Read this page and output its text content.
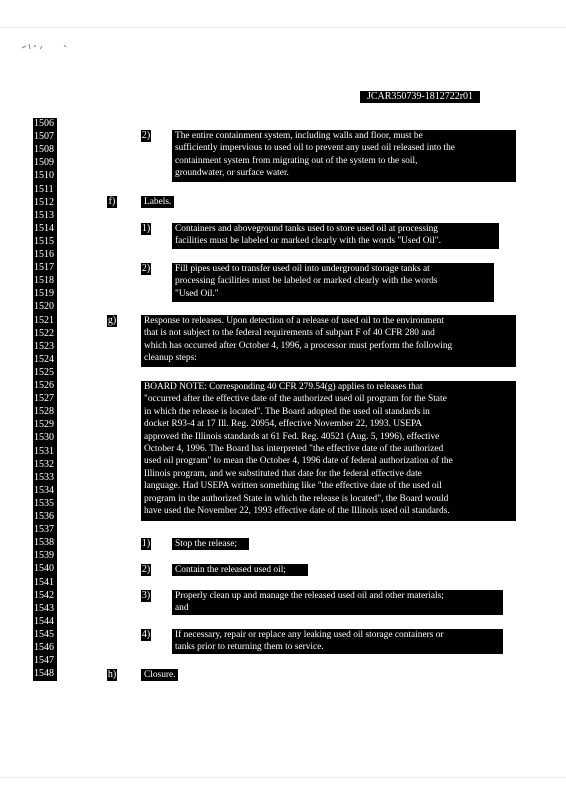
JCAR350739-1812722r01
1506
1507
1508
1509
1510
1511
1512
1513
1514
1515
1516
1517
1518
1519
1520
1521
1522
1523
1524
1525
1526
1527
1528
1529
1530
1531
1532
1533
1534
1535
1536
1537
1538
1539
1540
1541
1542
1543
1544
1545
1546
1547
1548
2)	The entire containment system, including walls and floor, must be
sufficiently impervious to used oil to prevent any used oil released into the
containment system from migrating out of the system to the soil,
groundwater, or surface water.
f)	Labels.
1)	Containers and aboveground tanks used to store used oil at processing
facilities must be labeled or marked clearly with the words "Used Oil".
2)	Fill pipes used to transfer used oil into underground storage tanks at
processing facilities must be labeled or marked clearly with the words
"Used Oil."
g)	Response to releases. Upon detection of a release of used oil to the environment
that is not subject to the federal requirements of subpart F of 40 CFR 280 and
which has occurred after October 4, 1996, a processor must perform the following
cleanup steps:
BOARD NOTE: Corresponding 40 CFR 279.54(g) applies to releases that
"occurred after the effective date of the authorized used oil program for the State
in which the release is located". The Board adopted the used oil standards in
docket R93-4 at 17 Ill. Reg. 20954, effective November 22, 1993. USEPA
approved the Illinois standards at 61 Fed. Reg. 40521 (Aug. 5, 1996), effective
October 4, 1996. The Board has interpreted "the effective date of the authorized
used oil program" to mean the October 4, 1996 date of federal authorization of the
Illinois program, and we substituted that date for the federal effective date
language. Had USEPA written something like "the effective date of the used oil
program in the authorized State in which the release is located", the Board would
have used the November 22, 1993 effective date of the Illinois used oil standards.
1)	Stop the release;
2)	Contain the released used oil;
3)	Properly clean up and manage the released used oil and other materials;
and
4)	If necessary, repair or replace any leaking used oil storage containers or
tanks prior to returning them to service.
h)	Closure.
